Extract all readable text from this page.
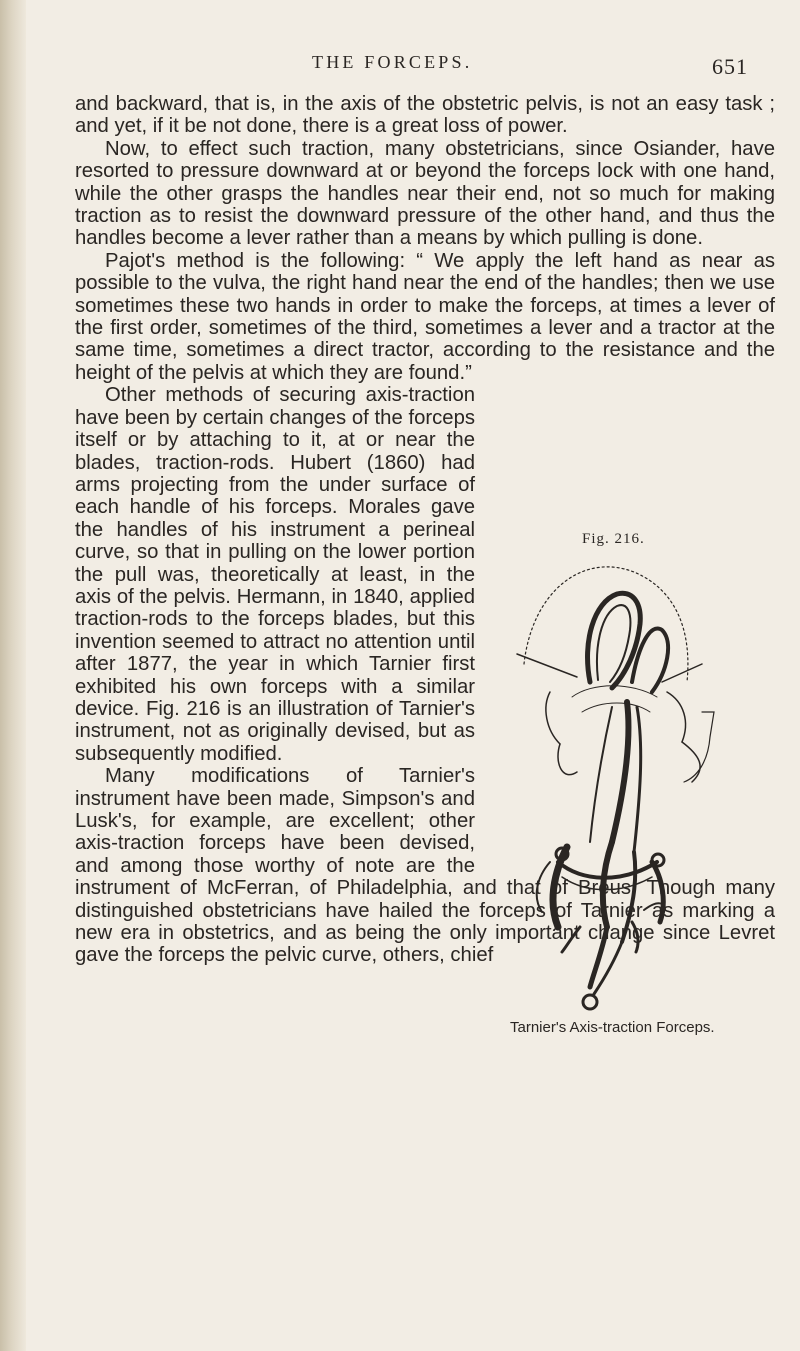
THE FORCEPS.	651

and backward, that is, in the axis of the obstetric pelvis, is not an easy task ; and yet, if it be not done, there is a great loss of power.

Now, to effect such traction, many obstetricians, since Osiander, have resorted to pressure downward at or beyond the forceps lock with one hand, while the other grasps the handles near their end, not so much for making traction as to resist the downward pressure of the other hand, and thus the handles become a lever rather than a means by which pulling is done.

Pajot's method is the following: “ We apply the left hand as near as possible to the vulva, the right hand near the end of the handles; then we use sometimes these two hands in order to make the forceps, at times a lever of the first order, sometimes of the third, sometimes a lever and a tractor at the same time, sometimes a direct tractor, according to the resistance and the height of the pelvis at which they are found.”

Other methods of securing axis-traction have been by certain changes of the forceps itself or by attaching to it, at or near the blades, traction-rods. Hubert (1860) had arms projecting from the under surface of each handle of his forceps. Morales gave the handles of his instrument a perineal curve, so that in pulling on the lower portion the pull was, theoretically at least, in the axis of the pelvis. Hermann, in 1840, applied traction-rods to the forceps blades, but this invention seemed to attract no attention until after 1877, the year in which Tarnier first exhibited his own forceps with a similar device. Fig. 216 is an illustration of Tarnier's instrument, not as originally devised, but as subsequently modified.

Many modifications of Tarnier's instrument have been made, Simpson's and Lusk's, for example, are excellent; other axis-traction forceps have been devised, and among those worthy of note are the instrument of McFerran, of Philadelphia, and that of Breus. Though many distinguished obstetricians have hailed the forceps of Tarnier as marking a new era in obstetrics, and as being the only important change since Levret gave the forceps the pelvic curve, others, chief

Fig. 216.
Tarnier's Axis-traction Forceps.
